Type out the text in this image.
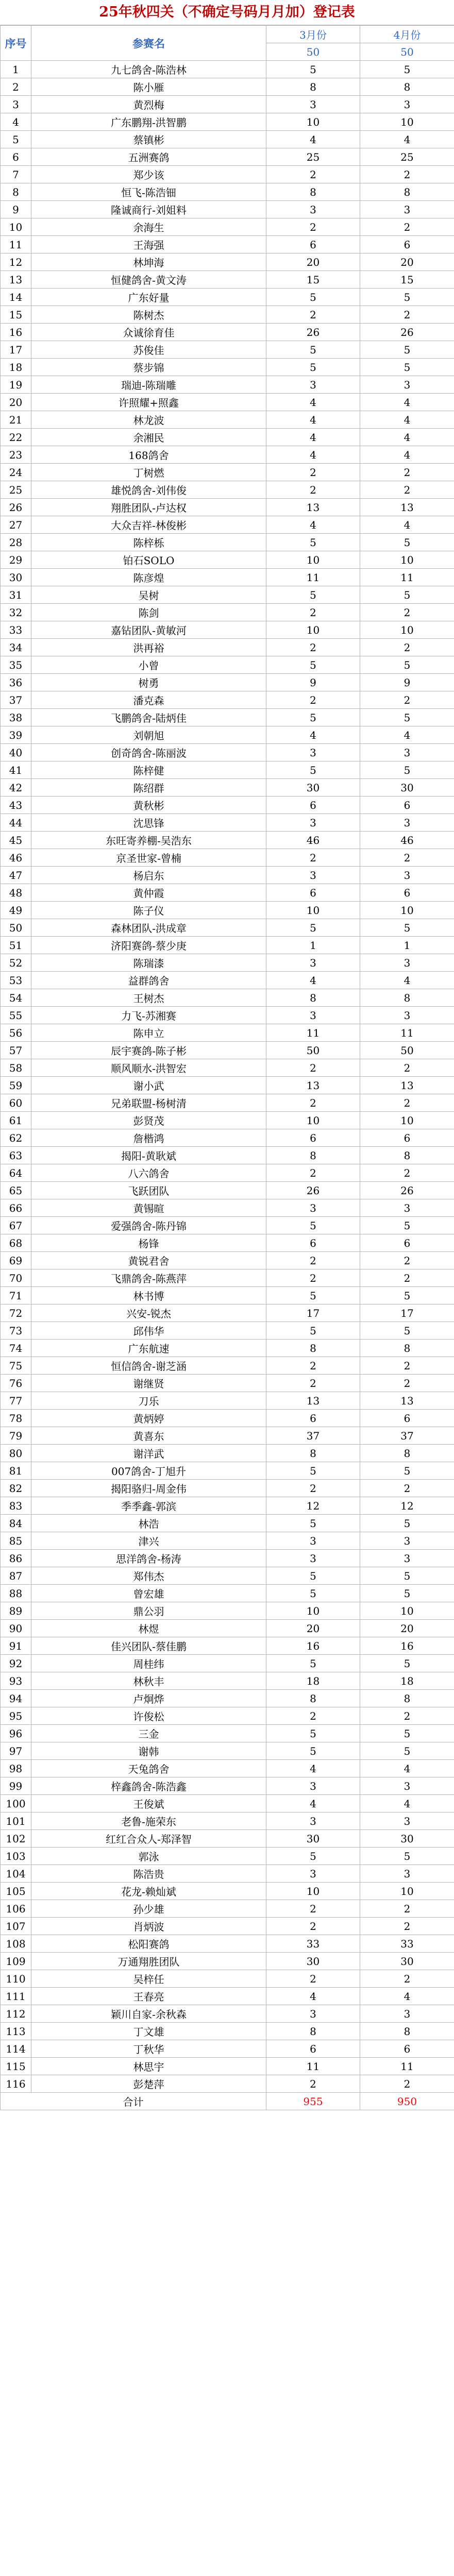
25年秋四关（不确定号码月月加）登记表
序号	参赛名	3月份	4月份
		50	50
1	九七鸽舍-陈浩林	5	5
2	陈小雁	8	8
3	黄烈梅	3	3
4	广东鹏翔-洪智鹏	10	10
5	蔡镇彬	4	4
6	五洲赛鸽	25	25
7	郑少该	2	2
8	恒飞-陈浩钿	8	8
9	隆诚商行-刘姐料	3	3
10	余海生	2	2
11	王海强	6	6
12	林坤海	20	20
13	恒健鸽舍-黄文涛	15	15
14	广东好量	5	5
15	陈树杰	2	2
16	众诚徐育佳	26	26
17	苏俊佳	5	5
18	蔡步锦	5	5
19	瑞迪-陈瑞雕	3	3
20	许照耀+照鑫	4	4
21	林龙波	4	4
22	余湘民	4	4
23	168鸽舍	4	4
24	丁树燃	2	2
25	雄悦鸽舍-刘伟俊	2	2
26	翔胜团队-卢达权	13	13
27	大众吉祥-林俊彬	4	4
28	陈梓栎	5	5
29	铂石SOLO	10	10
30	陈彦煌	11	11
31	吴树	5	5
32	陈剑	2	2
33	嘉钻团队-黄敏河	10	10
34	洪再裕	2	2
35	小曾	5	5
36	树勇	9	9
37	潘克森	2	2
38	飞鹏鸽舍-陆炳佳	5	5
39	刘朝旭	4	4
40	创奇鸽舍-陈丽波	3	3
41	陈梓健	5	5
42	陈绍群	30	30
43	黄秋彬	6	6
44	沈思锋	3	3
45	东旺寄养棚-吴浩东	46	46
46	京圣世家-曾楠	2	2
47	杨启东	3	3
48	黄仲霞	6	6
49	陈子仪	10	10
50	森林团队-洪成章	5	5
51	济阳赛鸽-蔡少庚	1	1
52	陈瑞漆	3	3
53	益群鸽舍	4	4
54	王树杰	8	8
55	力飞-苏湘赛	3	3
56	陈申立	11	11
57	辰宇赛鸽-陈子彬	50	50
58	顺风顺水-洪智宏	2	2
59	谢小武	13	13
60	兄弟联盟-杨树清	2	2
61	彭贤茂	10	10
62	詹楷鸿	6	6
63	揭阳-黄耿斌	8	8
64	八六鸽舍	2	2
65	飞跃团队	26	26
66	黄锡暄	3	3
67	爱强鸽舍-陈丹锦	5	5
68	杨锋	6	6
69	黄锐君舍	2	2
70	飞鼎鸽舍-陈燕萍	2	2
71	林书博	5	5
72	兴安-锐杰	17	17
73	邱伟华	5	5
74	广东航速	8	8
75	恒信鸽舍-谢芝涵	2	2
76	谢继贤	2	2
77	刀乐	13	13
78	黄炳婷	6	6
79	黄喜东	37	37
80	谢洋武	8	8
81	007鸽舍-丁旭升	5	5
82	揭阳骆归-周金伟	2	2
83	季季鑫-郭滨	12	12
84	林浩	5	5
85	津兴	3	3
86	思洋鸽舍-杨涛	3	3
87	郑伟杰	5	5
88	曾宏雄	5	5
89	鼎公羽	10	10
90	林煜	20	20
91	佳兴团队-蔡佳鹏	16	16
92	周桂纬	5	5
93	林秋丰	18	18
94	卢炯烨	8	8
95	许俊松	2	2
96	三金	5	5
97	谢韩	5	5
98	天兔鸽舍	4	4
99	梓鑫鸽舍-陈浩鑫	3	3
100	王俊斌	4	4
101	老鲁-施荣东	3	3
102	红红合众人-郑泽智	30	30
103	郭泳	5	5
104	陈浩贵	3	3
105	花龙-赖灿斌	10	10
106	孙少雄	2	2
107	肖炳波	2	2
108	松阳赛鸽	33	33
109	万通翔胜团队	30	30
110	吴梓任	2	2
111	王春亮	4	4
112	颖川自家-余秋森	3	3
113	丁文雄	8	8
114	丁秋华	6	6
115	林思宇	11	11
116	彭楚萍	2	2
合计		955	950
